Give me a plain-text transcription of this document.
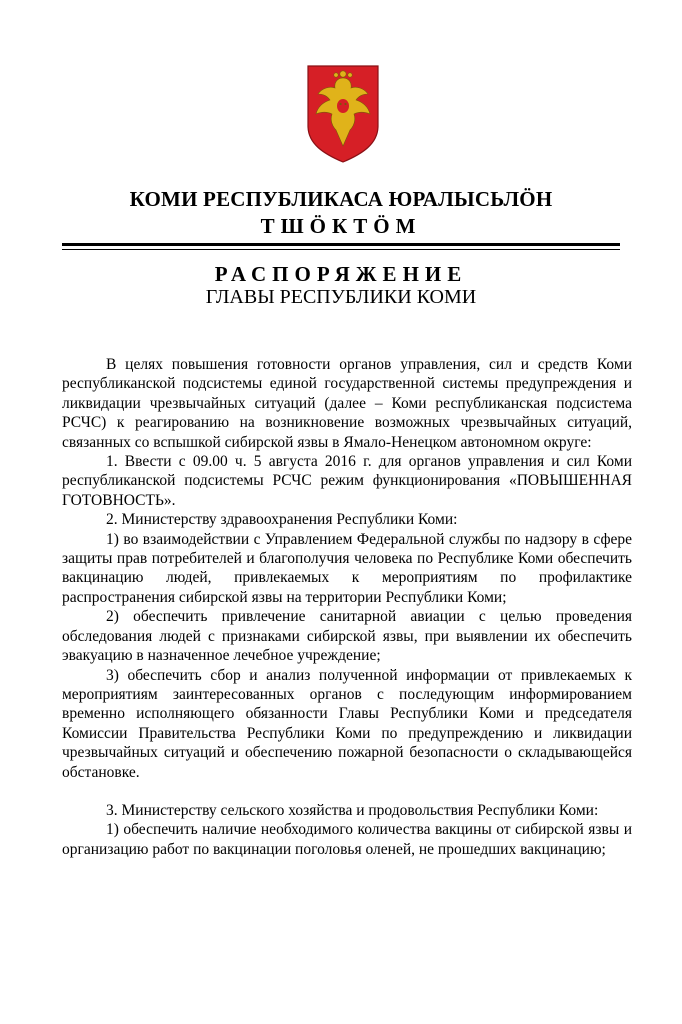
КОМИ РЕСПУБЛИКАСА ЮРАЛЫСЬЛӦН
ТШӦКТӦМ
РАСПОРЯЖЕНИЕ
ГЛАВЫ РЕСПУБЛИКИ КОМИ

В целях повышения готовности органов управления, сил и средств Коми республиканской подсистемы единой государственной системы предупреждения и ликвидации чрезвычайных ситуаций (далее – Коми республиканская подсистема РСЧС) к реагированию на возникновение возможных чрезвычайных ситуаций, связанных со вспышкой сибирской язвы в Ямало-Ненецком автономном округе:

1. Ввести с 09.00 ч. 5 августа 2016 г. для органов управления и сил Коми республиканской подсистемы РСЧС режим функционирования «ПОВЫШЕННАЯ ГОТОВНОСТЬ».

2. Министерству здравоохранения Республики Коми:

1) во взаимодействии с Управлением Федеральной службы по надзору в сфере защиты прав потребителей и благополучия человека по Республике Коми обеспечить вакцинацию людей, привлекаемых к мероприятиям по профилактике распространения сибирской язвы на территории Республики Коми;

2) обеспечить привлечение санитарной авиации с целью проведения обследования людей с признаками сибирской язвы, при выявлении их обеспечить эвакуацию в назначенное лечебное учреждение;

3) обеспечить сбор и анализ полученной информации от привлекаемых к мероприятиям заинтересованных органов с последующим информированием временно исполняющего обязанности Главы Республики Коми и председателя Комиссии Правительства Республики Коми по предупреждению и ликвидации чрезвычайных ситуаций и обеспечению пожарной безопасности о складывающейся обстановке.

3. Министерству сельского хозяйства и продовольствия Республики Коми:

1) обеспечить наличие необходимого количества вакцины от сибирской язвы и организацию работ по вакцинации поголовья оленей, не прошедших вакцинацию;
